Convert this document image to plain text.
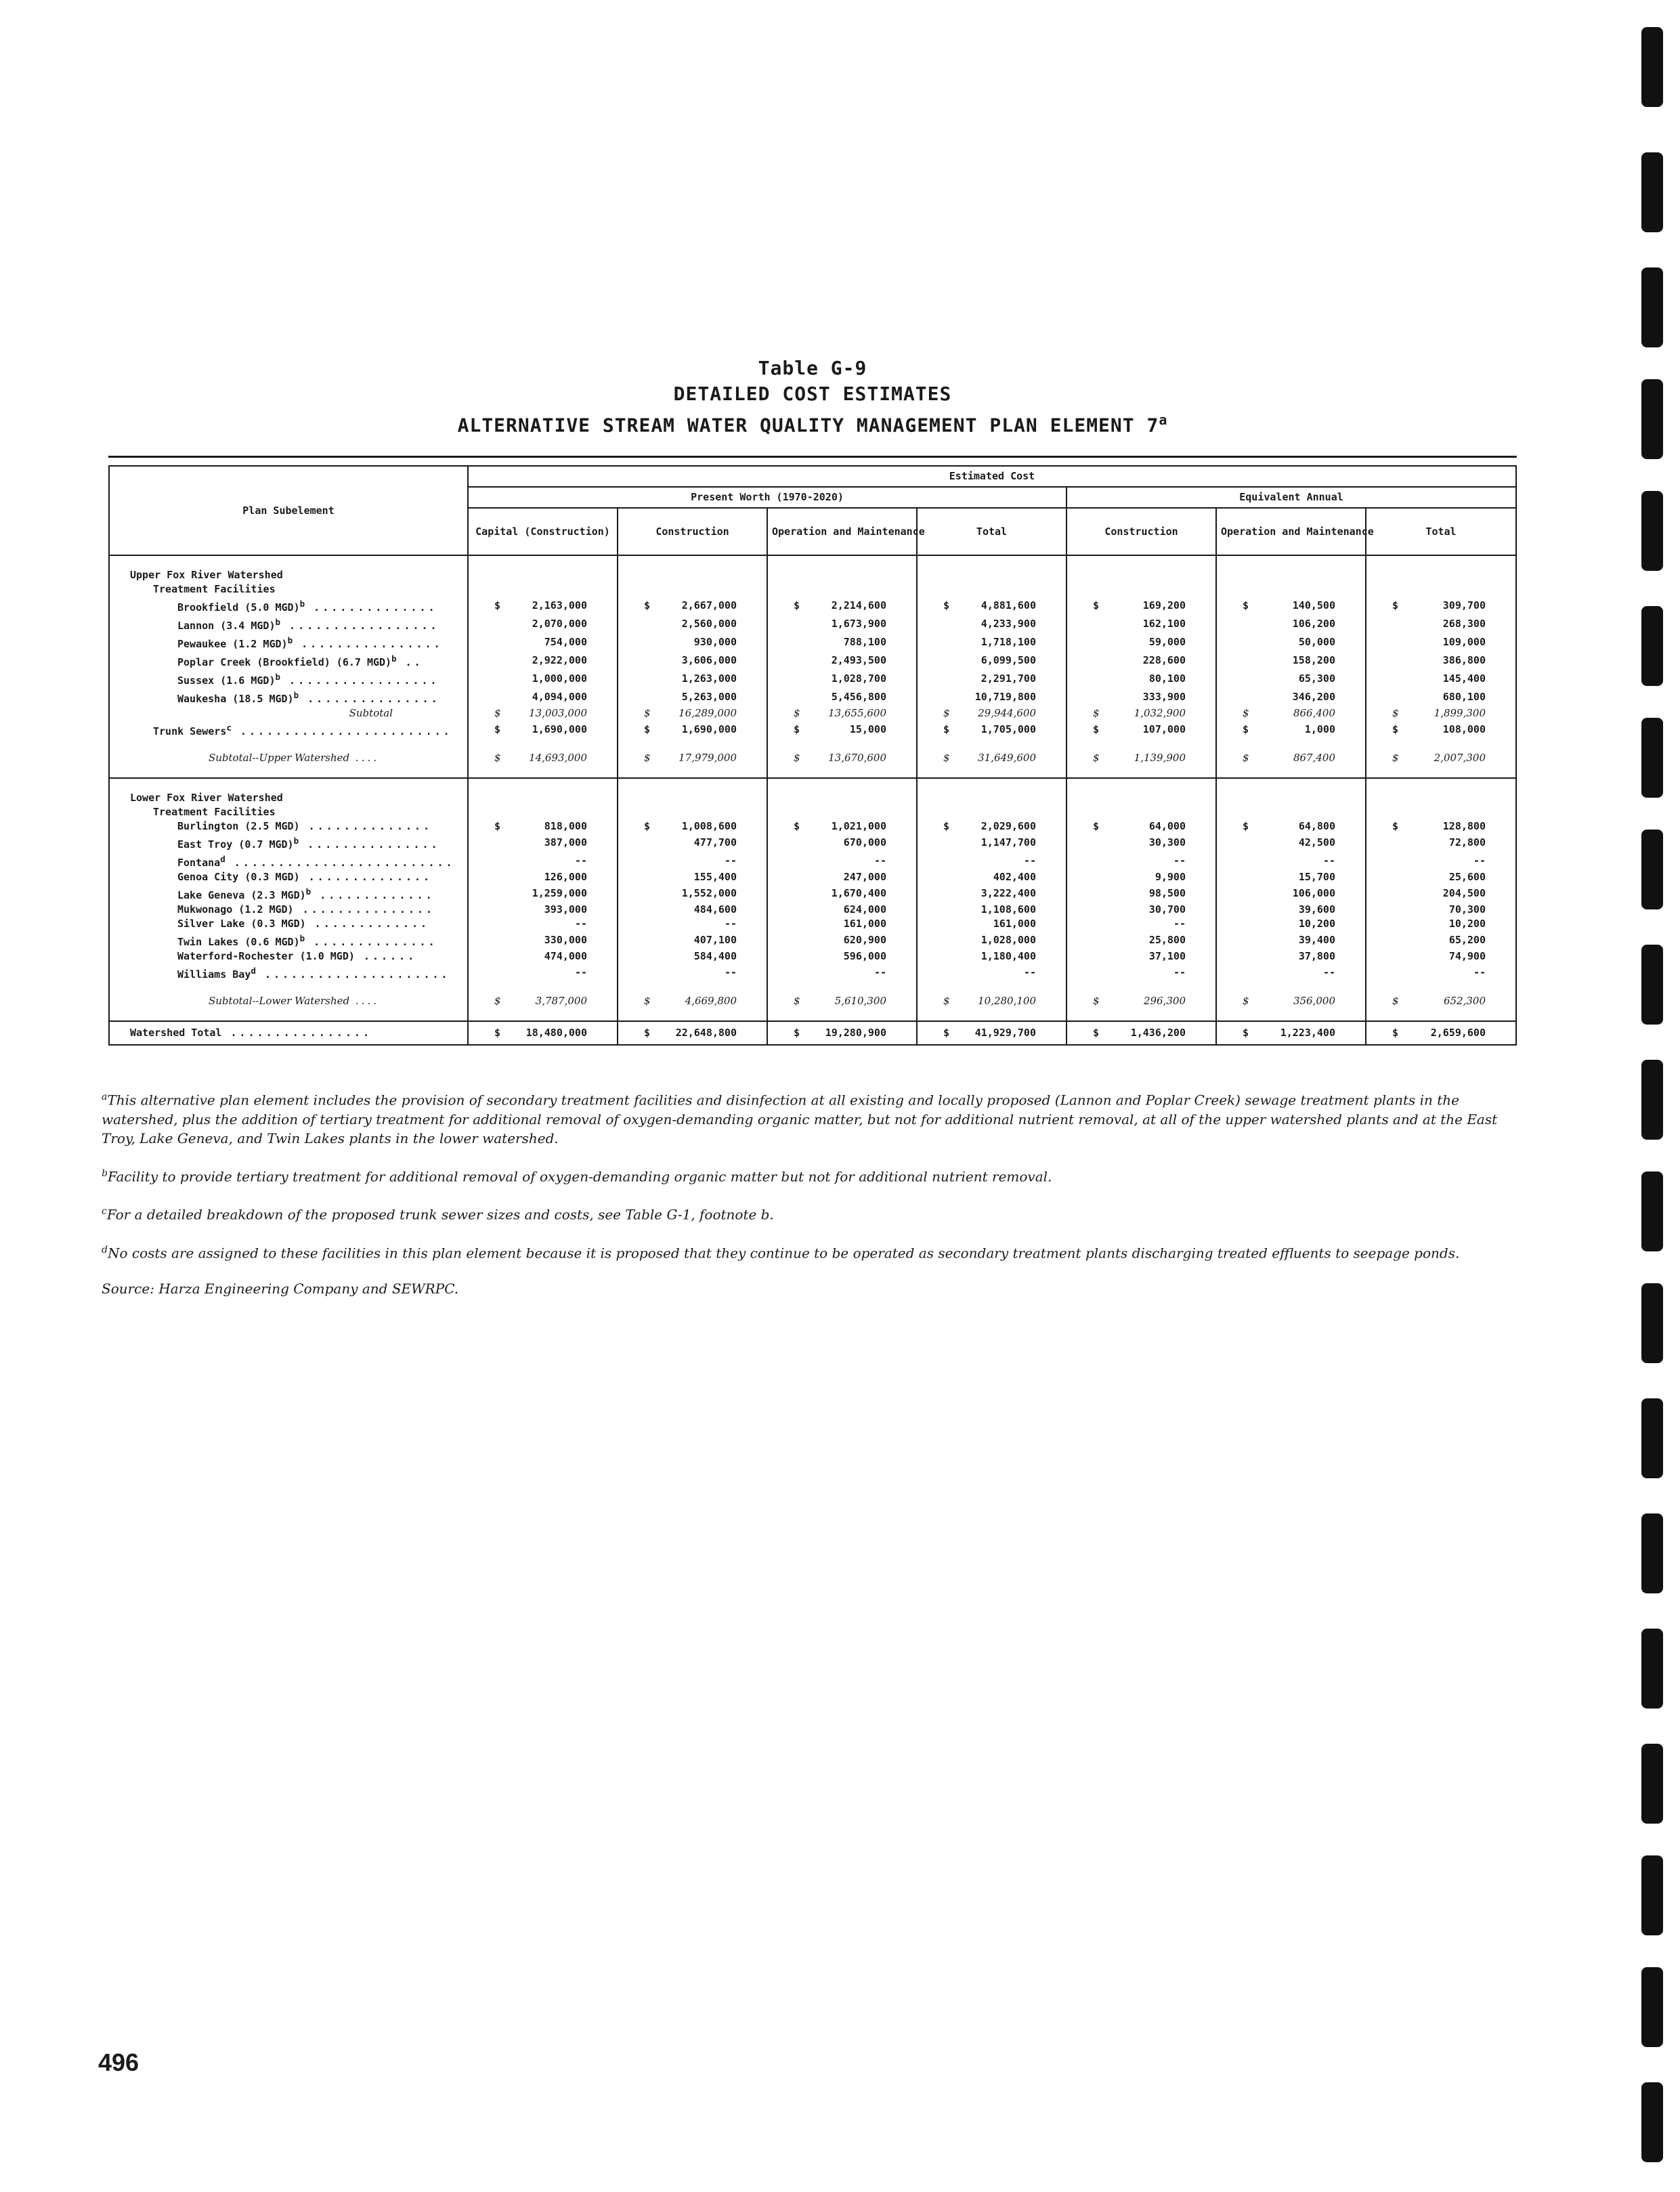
Table G-9
DETAILED COST ESTIMATES
ALTERNATIVE STREAM WATER QUALITY MANAGEMENT PLAN ELEMENT 7$^a$
Plan Subelement	Estimated Cost						
	Present Worth (1970-2020)				Equivalent Annual		
	Capital (Construction)	Construction	Operation and Maintenance	Total	Construction	Operation and Maintenance	Total

Upper Fox River Watershed							
Treatment Facilities							
Brookfield (5.0 MGD)$^b$ ..............	$ 2,163,000	$ 2,667,000	$ 2,214,600	$ 4,881,600	$ 169,200	$ 140,500	$ 309,700
Lannon (3.4 MGD)$^b$ .................	2,070,000	2,560,000	1,673,900	4,233,900	162,100	106,200	268,300
Pewaukee (1.2 MGD)$^b$ ................	754,000	930,000	788,100	1,718,100	59,000	50,000	109,000
Poplar Creek (Brookfield) (6.7 MGD)$^b$ ..	2,922,000	3,606,000	2,493,500	6,099,500	228,600	158,200	386,800
Sussex (1.6 MGD)$^b$ .................	1,000,000	1,263,000	1,028,700	2,291,700	80,100	65,300	145,400
Waukesha (18.5 MGD)$^b$ ...............	4,094,000	5,263,000	5,456,800	10,719,800	333,900	346,200	680,100
Subtotal	$ 13,003,000	$ 16,289,000	$ 13,655,600	$ 29,944,600	$ 1,032,900	$ 866,400	$ 1,899,300
Trunk Sewers$^c$ ........................	$ 1,690,000	$ 1,690,000	$ 15,000	$ 1,705,000	$ 107,000	$ 1,000	$ 108,000

Subtotal--Upper Watershed ....	$ 14,693,000	$ 17,979,000	$ 13,670,600	$ 31,649,600	$ 1,139,900	$ 867,400	$ 2,007,300

Lower Fox River Watershed							
Treatment Facilities							
Burlington (2.5 MGD) ..............	$ 818,000	$ 1,008,600	$ 1,021,000	$ 2,029,600	$ 64,000	$ 64,800	$ 128,800
East Troy (0.7 MGD)$^b$ ...............	387,000	477,700	670,000	1,147,700	30,300	42,500	72,800
Fontana$^d$ .........................	--	--	--	--	--	--	--
Genoa City (0.3 MGD) ..............	126,000	155,400	247,000	402,400	9,900	15,700	25,600
Lake Geneva (2.3 MGD)$^b$ .............	1,259,000	1,552,000	1,670,400	3,222,400	98,500	106,000	204,500
Mukwonago (1.2 MGD) ...............	393,000	484,600	624,000	1,108,600	30,700	39,600	70,300
Silver Lake (0.3 MGD) .............	--	--	161,000	161,000	--	10,200	10,200
Twin Lakes (0.6 MGD)$^b$ ..............	330,000	407,100	620,900	1,028,000	25,800	39,400	65,200
Waterford-Rochester (1.0 MGD) ......	474,000	584,400	596,000	1,180,400	37,100	37,800	74,900
Williams Bay$^d$ .....................	--	--	--	--	--	--	--

Subtotal--Lower Watershed ....	$ 3,787,000	$ 4,669,800	$ 5,610,300	$ 10,280,100	$ 296,300	$ 356,000	$ 652,300

Watershed Total ................	$ 18,480,000	$ 22,648,800	$ 19,280,900	$ 41,929,700	$ 1,436,200	$ 1,223,400	$ 2,659,600

$^a$This alternative plan element includes the provision of secondary treatment facilities and disinfection at all existing and locally proposed (Lannon and Poplar Creek) sewage treatment plants in the watershed, plus the addition of tertiary treatment for additional removal of oxygen-demanding organic matter, but not for additional nutrient removal, at all of the upper watershed plants and at the East Troy, Lake Geneva, and Twin Lakes plants in the lower watershed.

$^b$Facility to provide tertiary treatment for additional removal of oxygen-demanding organic matter but not for additional nutrient removal.

$^c$For a detailed breakdown of the proposed trunk sewer sizes and costs, see Table G-1, footnote b.

$^d$No costs are assigned to these facilities in this plan element because it is proposed that they continue to be operated as secondary treatment plants discharging treated effluents to seepage ponds.

Source: Harza Engineering Company and SEWRPC.

496
